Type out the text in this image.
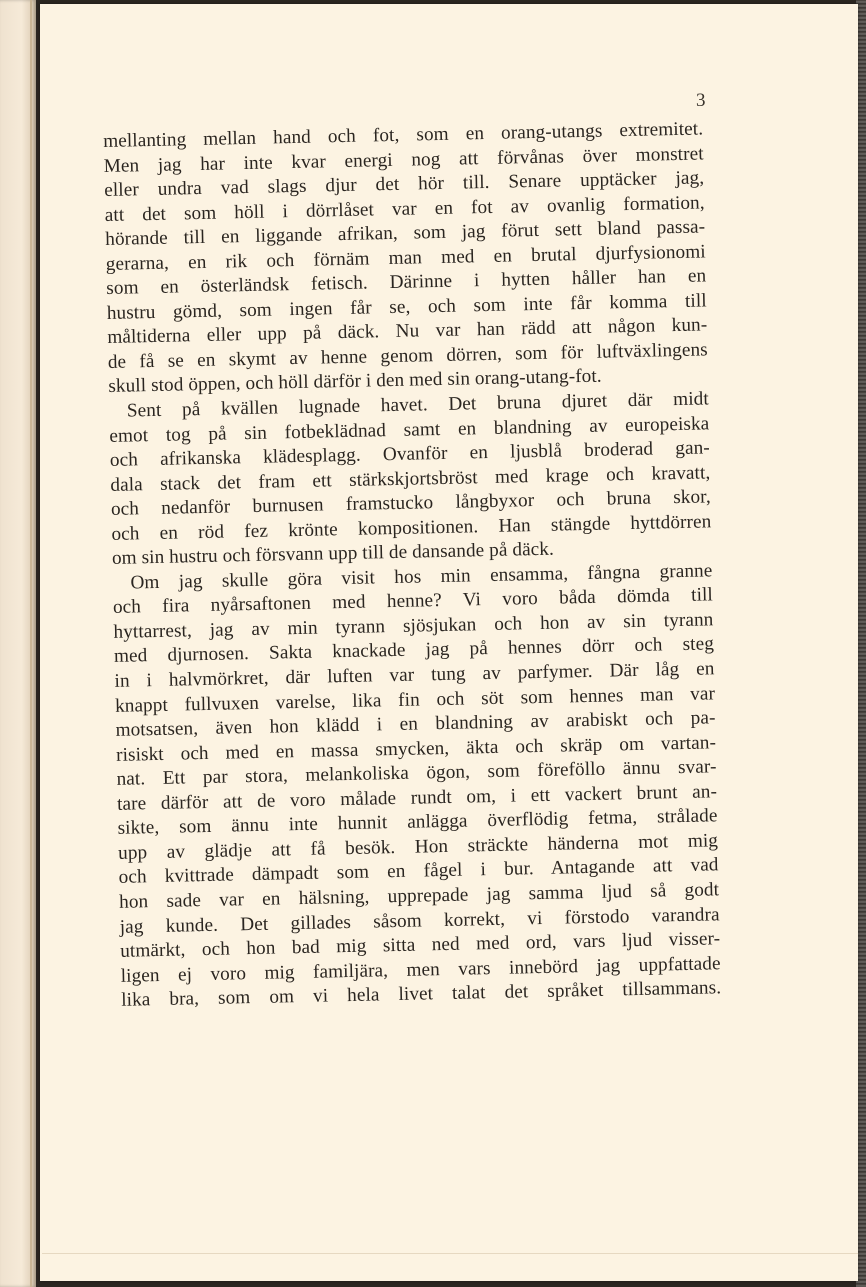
3
mellanting mellan hand och fot, som en orang-utangs extremitet.
Men jag har inte kvar energi nog att förvånas över monstret
eller undra vad slags djur det hör till. Senare upptäcker jag,
att det som höll i dörrlåset var en fot av ovanlig formation,
hörande till en liggande afrikan, som jag förut sett bland passa-
gerarna, en rik och förnäm man med en brutal djurfysionomi
som en österländsk fetisch. Därinne i hytten håller han en
hustru gömd, som ingen får se, och som inte får komma till
måltiderna eller upp på däck. Nu var han rädd att någon kun-
de få se en skymt av henne genom dörren, som för luftväxlingens
skull stod öppen, och höll därför i den med sin orang-utang-fot.
Sent på kvällen lugnade havet. Det bruna djuret där midt
emot tog på sin fotbeklädnad samt en blandning av europeiska
och afrikanska klädesplagg. Ovanför en ljusblå broderad gan-
dala stack det fram ett stärkskjortsbröst med krage och kravatt,
och nedanför burnusen framstucko långbyxor och bruna skor,
och en röd fez krönte kompositionen. Han stängde hyttdörren
om sin hustru och försvann upp till de dansande på däck.
Om jag skulle göra visit hos min ensamma, fångna granne
och fira nyårsaftonen med henne? Vi voro båda dömda till
hyttarrest, jag av min tyrann sjösjukan och hon av sin tyrann
med djurnosen. Sakta knackade jag på hennes dörr och steg
in i halvmörkret, där luften var tung av parfymer. Där låg en
knappt fullvuxen varelse, lika fin och söt som hennes man var
motsatsen, även hon klädd i en blandning av arabiskt och pa-
risiskt och med en massa smycken, äkta och skräp om vartan-
nat. Ett par stora, melankoliska ögon, som föreföllo ännu svar-
tare därför att de voro målade rundt om, i ett vackert brunt an-
sikte, som ännu inte hunnit anlägga överflödig fetma, strålade
upp av glädje att få besök. Hon sträckte händerna mot mig
och kvittrade dämpadt som en fågel i bur. Antagande att vad
hon sade var en hälsning, upprepade jag samma ljud så godt
jag kunde. Det gillades såsom korrekt, vi förstodo varandra
utmärkt, och hon bad mig sitta ned med ord, vars ljud visser-
ligen ej voro mig familjära, men vars innebörd jag uppfattade
lika bra, som om vi hela livet talat det språket tillsammans.
